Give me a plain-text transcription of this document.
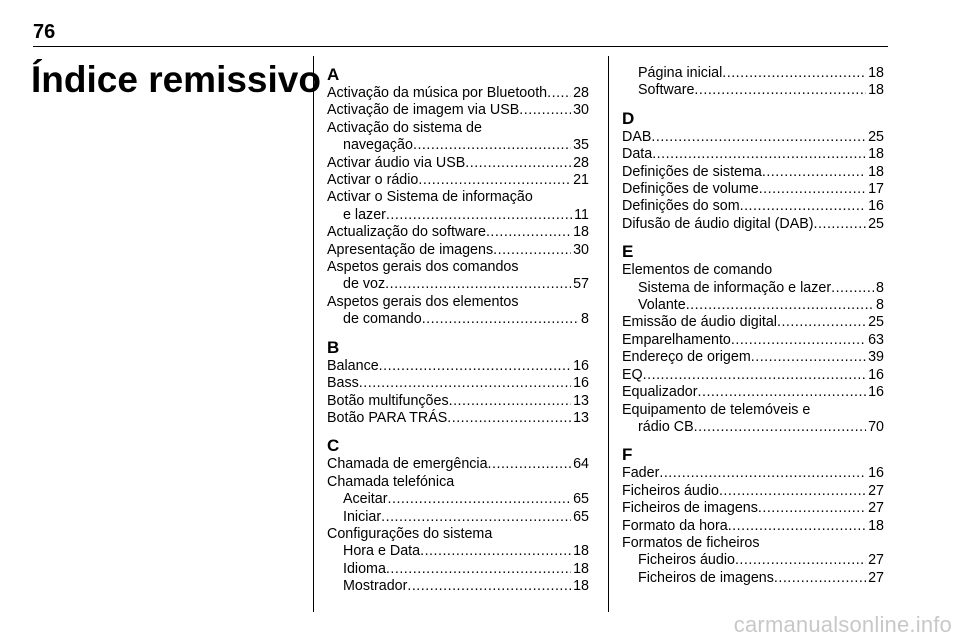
76
Índice remissivo A
Activação da música por Bluetooth ..... 28
Activação de imagem via USB .....	30
Activação do sistema de
navegação .....	35
Activar áudio via USB .....	28
Activar o rádio .....	21
Activar o Sistema de informação
e lazer .....	11
Actualização do software .....	18
Apresentação de imagens .....	30
Aspetos gerais dos comandos
de voz .....	57
Aspetos gerais dos elementos
de comando .....	8
B
Balance .....	16
Bass .....	16
Botão multifunções .....	13
Botão PARA TRÁS .....	13
C
Chamada de emergência .....	64
Chamada telefónica
Aceitar .....	65
Iniciar .....	65
Configurações do sistema
Hora e Data .....	18
Idioma .....	18
Mostrador .....	18
Página inicial .....	18
Software .....	18
D
DAB .....	25
Data .....	18
Definições de sistema .....	18
Definições de volume .....	17
Definições do som .....	16
Difusão de áudio digital (DAB) .....	25
E
Elementos de comando
Sistema de informação e lazer .....	8
Volante .....	8
Emissão de áudio digital .....	25
Emparelhamento .....	63
Endereço de origem .....	39
EQ .....	16
Equalizador .....	16
Equipamento de telemóveis e
rádio CB .....	70
F
Fader .....	16
Ficheiros áudio .....	27
Ficheiros de imagens .....	27
Formato da hora .....	18
Formatos de ficheiros
Ficheiros áudio .....	27
Ficheiros de imagens .....	27
carmanualsonline.info
